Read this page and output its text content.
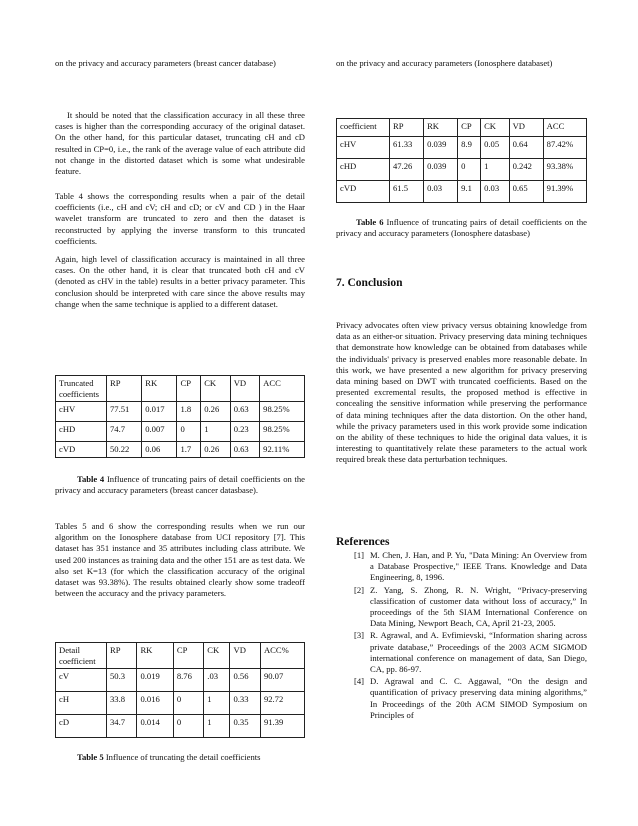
on the privacy and accuracy parameters (breast cancer database)

It should be noted that the classification accuracy in all these three cases is higher than the corresponding accuracy of the original dataset. On the other hand, for this particular dataset, truncating cH and cD resulted in CP=0, i.e., the rank of the average value of each attribute did not change in the distorted dataset which is some what undesirable feature.

Table 4 shows the corresponding results when a pair of the detail coefficients (i.e., cH and cV; cH and cD; or cV and CD ) in the Haar wavelet transform are truncated to zero and then the dataset is reconstructed by applying the inverse transform to this truncated coefficients.

Again, high level of classification accuracy is maintained in all three cases. On the other hand, it is clear that truncated both cH and cV (denoted as cHV in the table) results in a better privacy parameter. This conclusion should be interpreted with care since the above results may change when the same technique is applied to a different dataset.

Truncated coefficients	RP	RK	CP	CK	VD	ACC
cHV	77.51	0.017	1.8	0.26	0.63	98.25%
cHD	74.7	0.007	0	1	0.23	98.25%
cVD	50.22	0.06	1.7	0.26	0.63	92.11%

Table 4 Influence of truncating pairs of detail coefficients on the privacy and accuracy parameters (breast cancer datasbase).

Tables 5 and 6 show the corresponding results when we run our algorithm on the Ionosphere database from UCI repository [7]. This dataset has 351 instance and 35 attributes including class attribute. We used 200 instances as training data and the other 151 are as test data. We also set K=13 (for which the classification accuracy of the original dataset was 93.38%). The results obtained clearly show some tradeoff between the accuracy and the privacy parameters.

Detail coefficient	RP	RK	CP	CK	VD	ACC%
cV	50.3	0.019	8.76	.03	0.56	90.07
cH	33.8	0.016	0	1	0.33	92.72
cD	34.7	0.014	0	1	0.35	91.39

Table 5 Influence of truncating the detail coefficients

on the privacy and accuracy parameters (Ionosphere databaset)

coefficient	RP	RK	CP	CK	VD	ACC
cHV	61.33	0.039	8.9	0.05	0.64	87.42%
cHD	47.26	0.039	0	1	0.242	93.38%
cVD	61.5	0.03	9.1	0.03	0.65	91.39%

Table 6 Influence of truncating pairs of detail coefficients on the privacy and accuracy parameters (Ionosphere datasbase)

7. Conclusion

Privacy advocates often view privacy versus obtaining knowledge from data as an either-or situation. Privacy preserving data mining techniques that demonstrate how knowledge can be obtained from databases while the individuals' privacy is preserved enables more reasonable debate. In this work, we have presented a new algorithm for privacy preserving data mining based on DWT with truncated coefficients. Based on the presented excremental results, the proposed method is effective in concealing the sensitive information while preserving the performance of data mining techniques after the data distortion. On the other hand, while the privacy parameters used in this work provide some indication on the ability of these techniques to hide the original data values, it is interesting to quantitatively relate these parameters to the actual work required break these data perturbation techniques.

References
[1] M. Chen, J. Han, and P. Yu, "Data Mining: An Overview from a Database Prospective," IEEE Trans. Knowledge and Data Engineering, 8, 1996.
[2] Z. Yang, S. Zhong, R. N. Wright, “Privacy-preserving classification of customer data without loss of accuracy,” In proceedings of the 5th SIAM International Conference on Data Mining, Newport Beach, CA, April 21-23, 2005.
[3] R. Agrawal, and A. Evfimievski, “Information sharing across private database,” Proceedings of the 2003 ACM SIGMOD international conference on management of data, San Diego, CA, pp. 86-97.
[4] D. Agrawal and C. C. Aggawal, “On the design and quantification of privacy preserving data mining algorithms,” In Proceedings of the 20th ACM SIMOD Symposium on Principles of
